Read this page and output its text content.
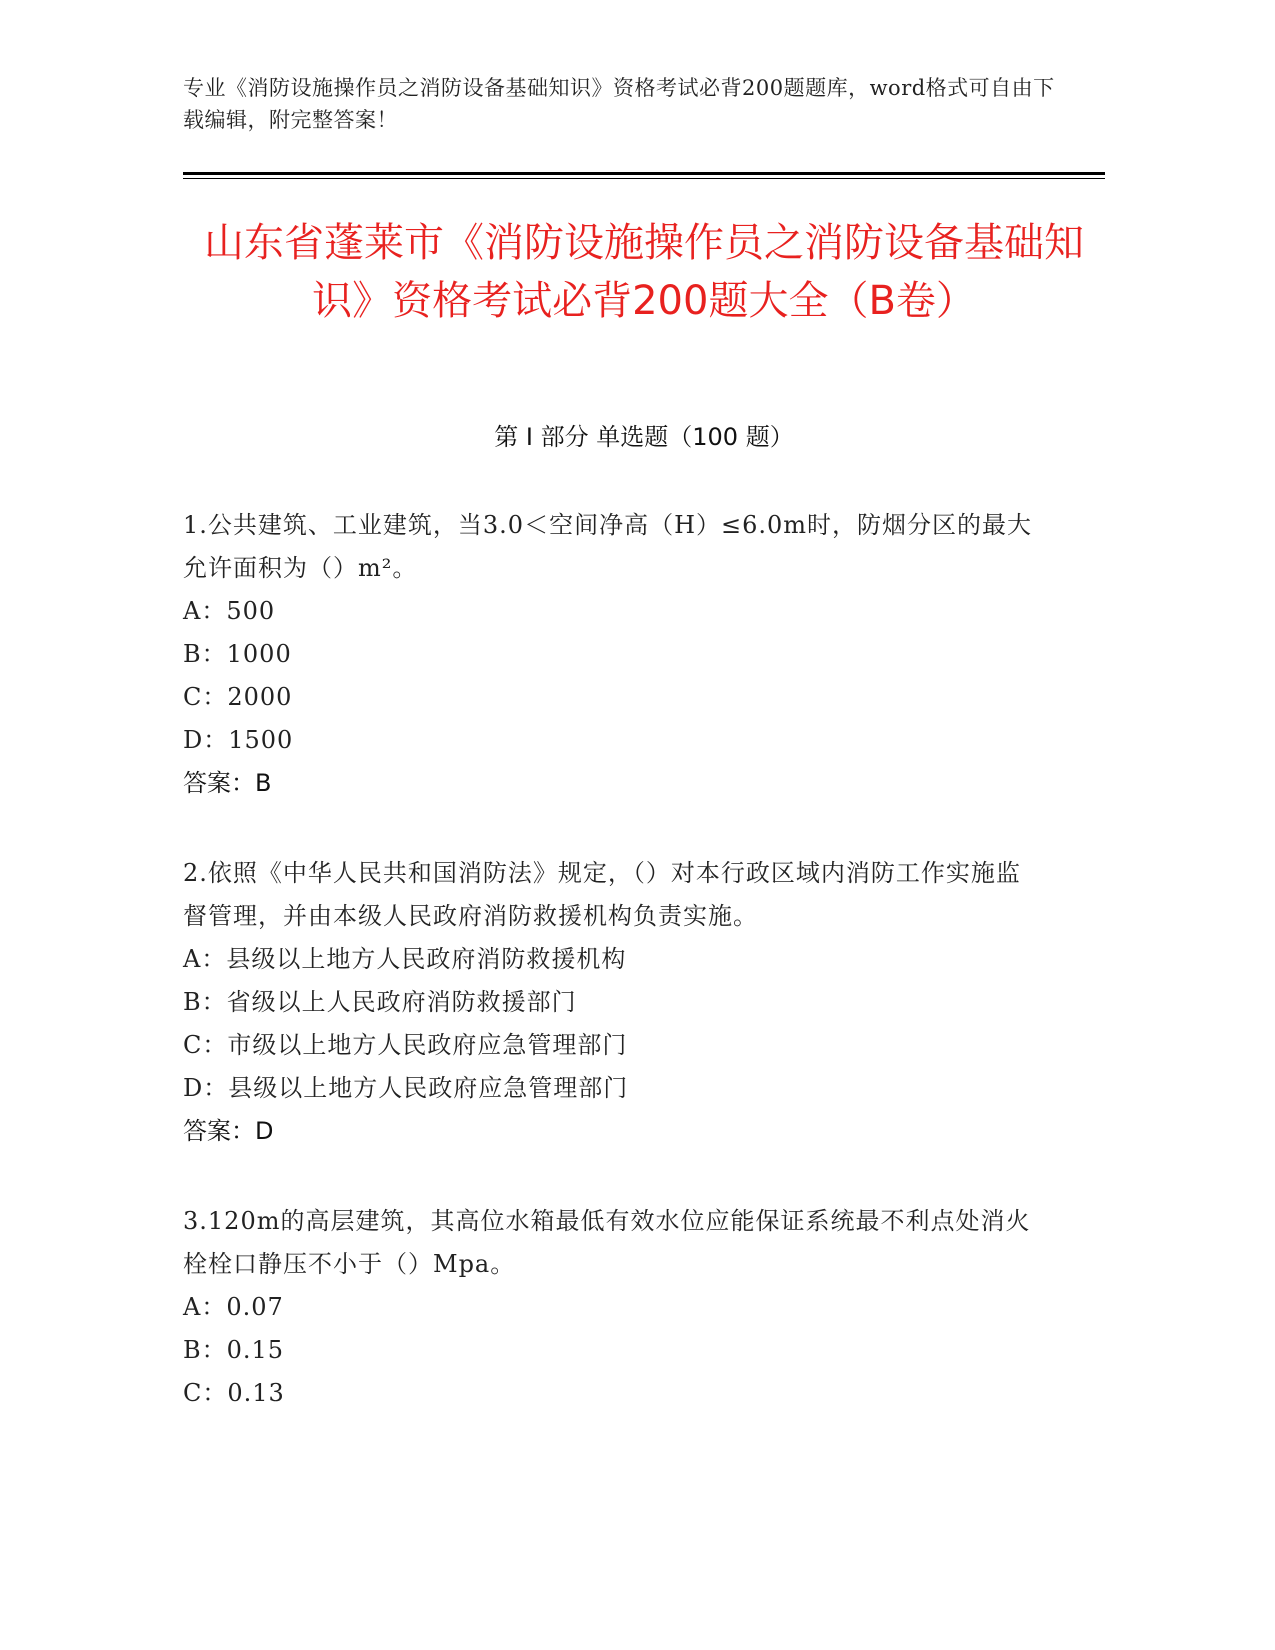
专业《消防设施操作员之消防设备基础知识》资格考试必背200题题库，word格式可自由下载编辑，附完整答案！
山东省蓬莱市《消防设施操作员之消防设备基础知识》资格考试必背200题大全（B卷）
第 I 部分 单选题（100 题）
1.公共建筑、工业建筑，当3.0＜空间净高（H）≤6.0m时，防烟分区的最大允许面积为（）m²。
A：500
B：1000
C：2000
D：1500
答案：B
2.依照《中华人民共和国消防法》规定，（）对本行政区域内消防工作实施监督管理，并由本级人民政府消防救援机构负责实施。
A：县级以上地方人民政府消防救援机构
B：省级以上人民政府消防救援部门
C：市级以上地方人民政府应急管理部门
D：县级以上地方人民政府应急管理部门
答案：D
3.120m的高层建筑，其高位水箱最低有效水位应能保证系统最不利点处消火栓栓口静压不小于（）Mpa。
A：0.07
B：0.15
C：0.13
